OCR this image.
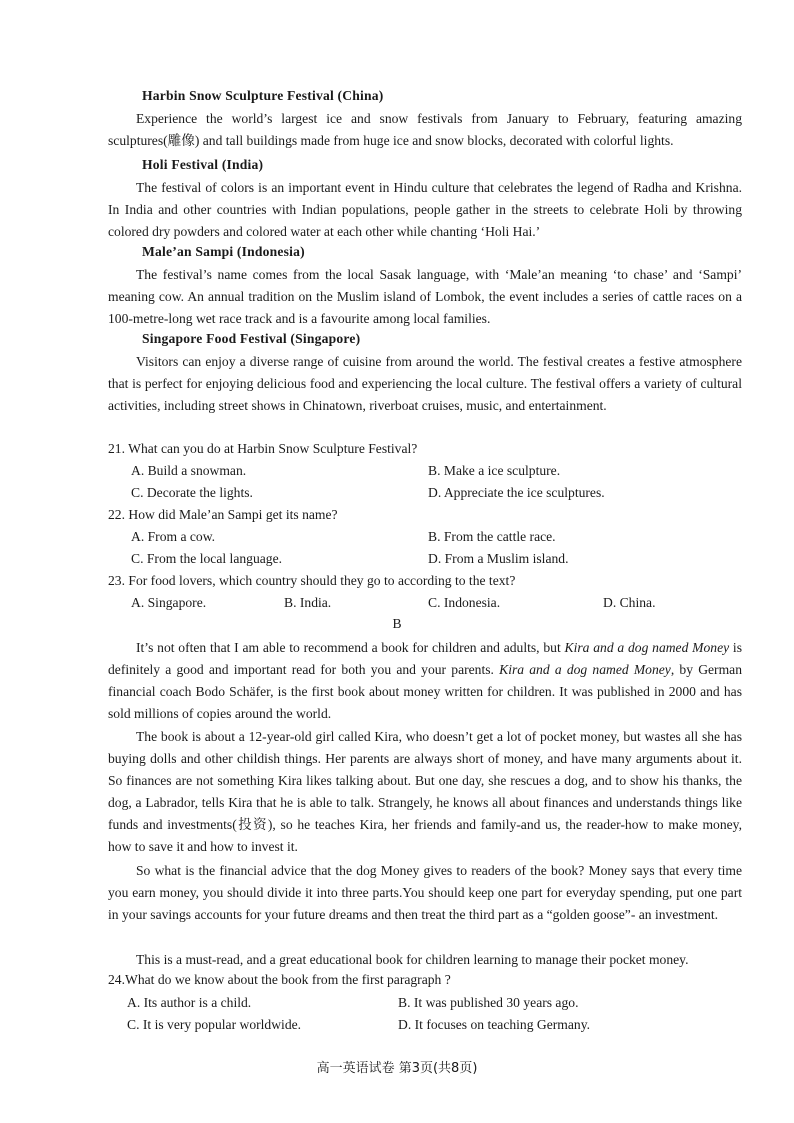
Harbin Snow Sculpture Festival (China)

Experience the world’s largest ice and snow festivals from January to February, featuring amazing sculptures(雕像) and tall buildings made from huge ice and snow blocks, decorated with colorful lights.

Holi Festival (India)

The festival of colors is an important event in Hindu culture that celebrates the legend of Radha and Krishna. In India and other countries with Indian populations, people gather in the streets to celebrate Holi by throwing colored dry powders and colored water at each other while chanting ‘Holi Hai.’

Male’an Sampi (Indonesia)

The festival’s name comes from the local Sasak language, with ‘Male’an meaning ‘to chase’ and ‘Sampi’ meaning cow. An annual tradition on the Muslim island of Lombok, the event includes a series of cattle races on a 100-metre-long wet race track and is a favourite among local families.

Singapore Food Festival (Singapore)

Visitors can enjoy a diverse range of cuisine from around the world. The festival creates a festive atmosphere that is perfect for enjoying delicious food and experiencing the local culture. The festival offers a variety of cultural activities, including street shows in Chinatown, riverboat cruises, music, and entertainment.

21. What can you do at Harbin Snow Sculpture Festival?
A. Build a snowman.	B. Make a ice sculpture.
C. Decorate the lights.	D. Appreciate the ice sculptures.
22. How did Male’an Sampi get its name?
A. From a cow.	B. From the cattle race.
C. From the local language.	D. From a Muslim island.
23. For food lovers, which country should they go to according to the text?
A. Singapore.	B. India.	C. Indonesia.	D. China.
B

It’s not often that I am able to recommend a book for children and adults, but Kira and a dog named Money is definitely a good and important read for both you and your parents. Kira and a dog named Money, by German financial coach Bodo Schäfer, is the first book about money written for children. It was published in 2000 and has sold millions of copies around the world.

The book is about a 12-year-old girl called Kira, who doesn’t get a lot of pocket money, but wastes all she has buying dolls and other childish things. Her parents are always short of money, and have many arguments about it. So finances are not something Kira likes talking about. But one day, she rescues a dog, and to show his thanks, the dog, a Labrador, tells Kira that he is able to talk. Strangely, he knows all about finances and understands things like funds and investments(投资), so he teaches Kira, her friends and family-and us, the reader-how to make money, how to save it and how to invest it.

So what is the financial advice that the dog Money gives to readers of the book? Money says that every time you earn money, you should divide it into three parts.You should keep one part for everyday spending, put one part in your savings accounts for your future dreams and then treat the third part as a “golden goose”- an investment.

This is a must-read, and a great educational book for children learning to manage their pocket money.

24.What do we know about the book from the first paragraph ?
A. Its author is a child.	B. It was published 30 years ago.
C. It is very popular worldwide.	D. It focuses on teaching Germany.
高一英语试卷 第3页(共8页)
